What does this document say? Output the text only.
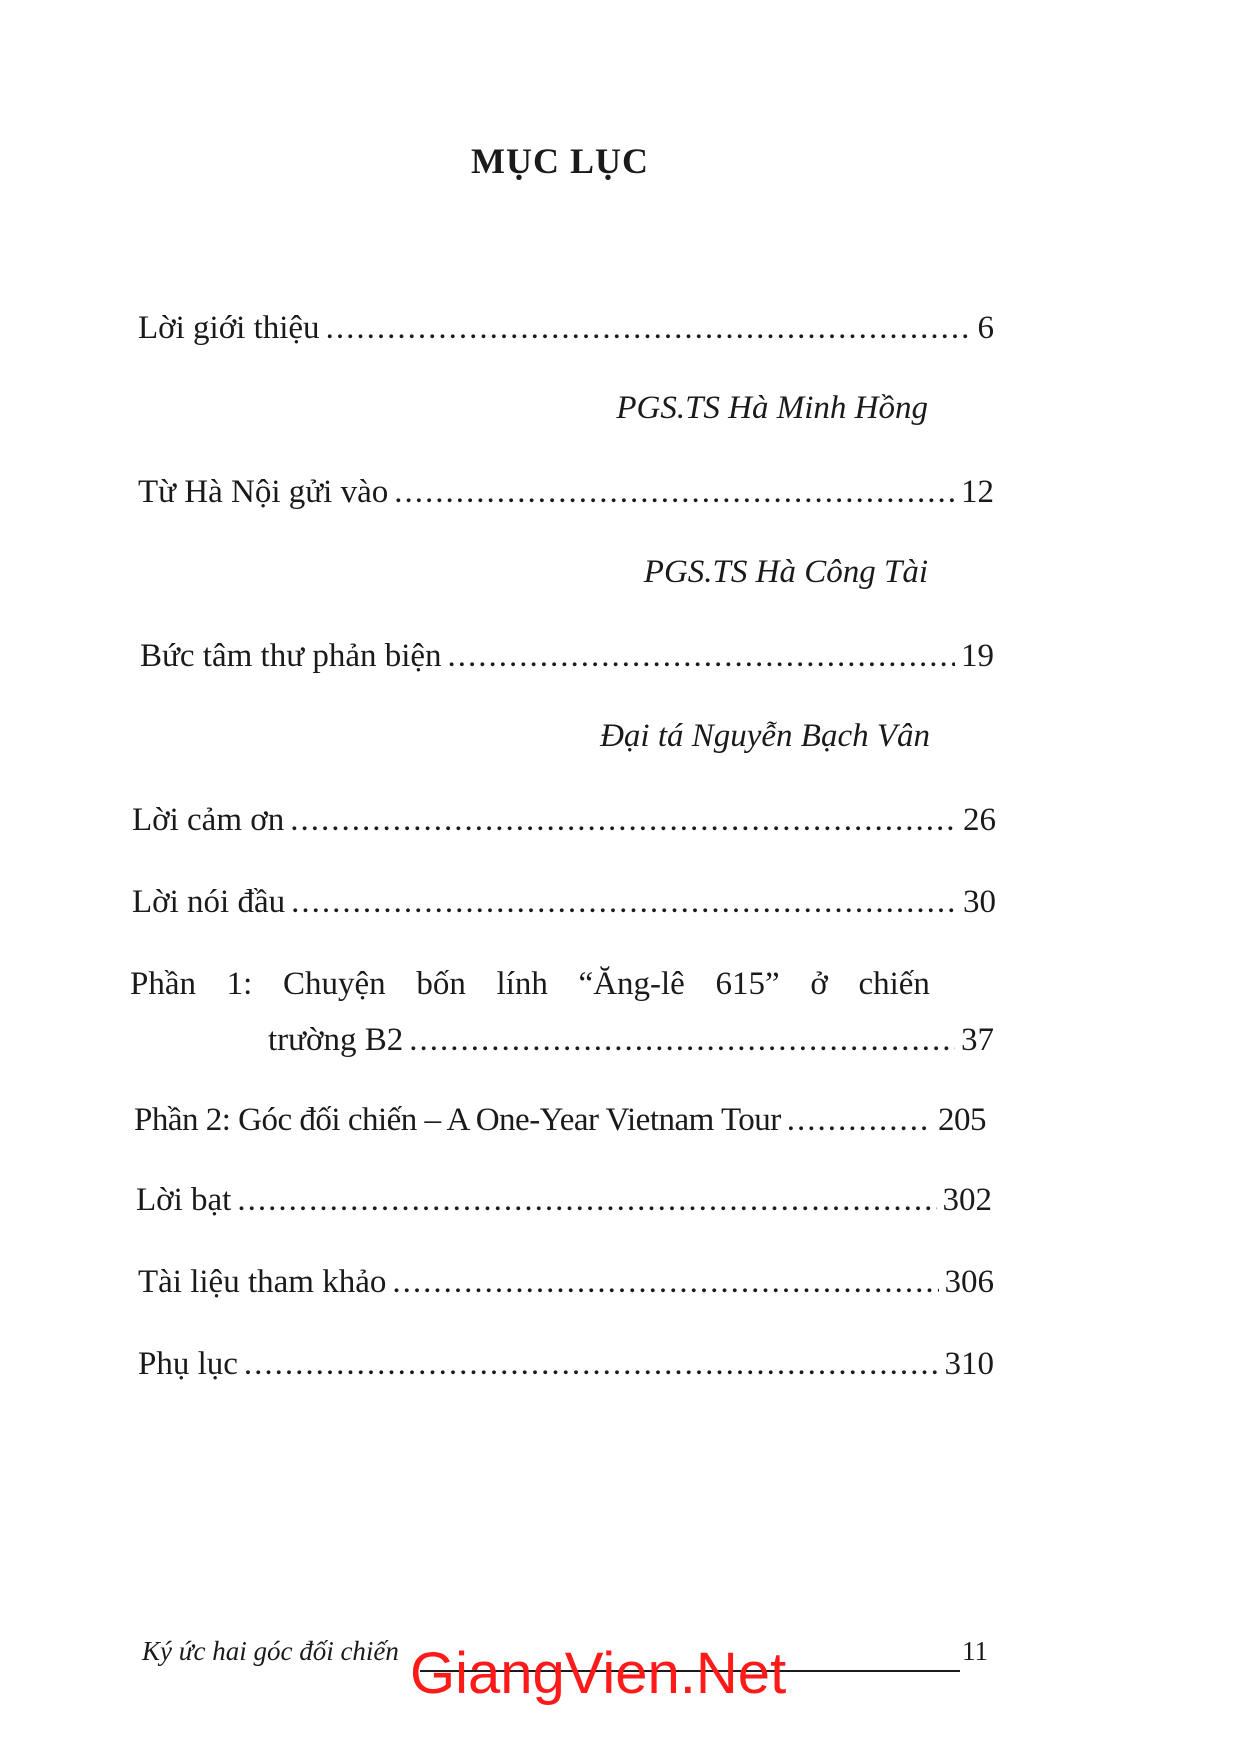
MỤC LỤC
Lời giới thiệu .....	6
PGS.TS Hà Minh Hồng
Từ Hà Nội gửi vào .....	12
PGS.TS Hà Công Tài
Bức tâm thư phản biện .....	19
Đại tá Nguyễn Bạch Vân
Lời cảm ơn .....	26
Lời nói đầu .....	30
Phần 1: Chuyện bốn lính “Ăng-lê 615” ở chiến
trường B2 .....	37
Phần 2: Góc đối chiến – A One-Year Vietnam Tour .....	205
Lời bạt .....	302
Tài liệu tham khảo .....	306
Phụ lục .....	310
Ký ức hai góc đối chiến	11
GiangVien.Net
